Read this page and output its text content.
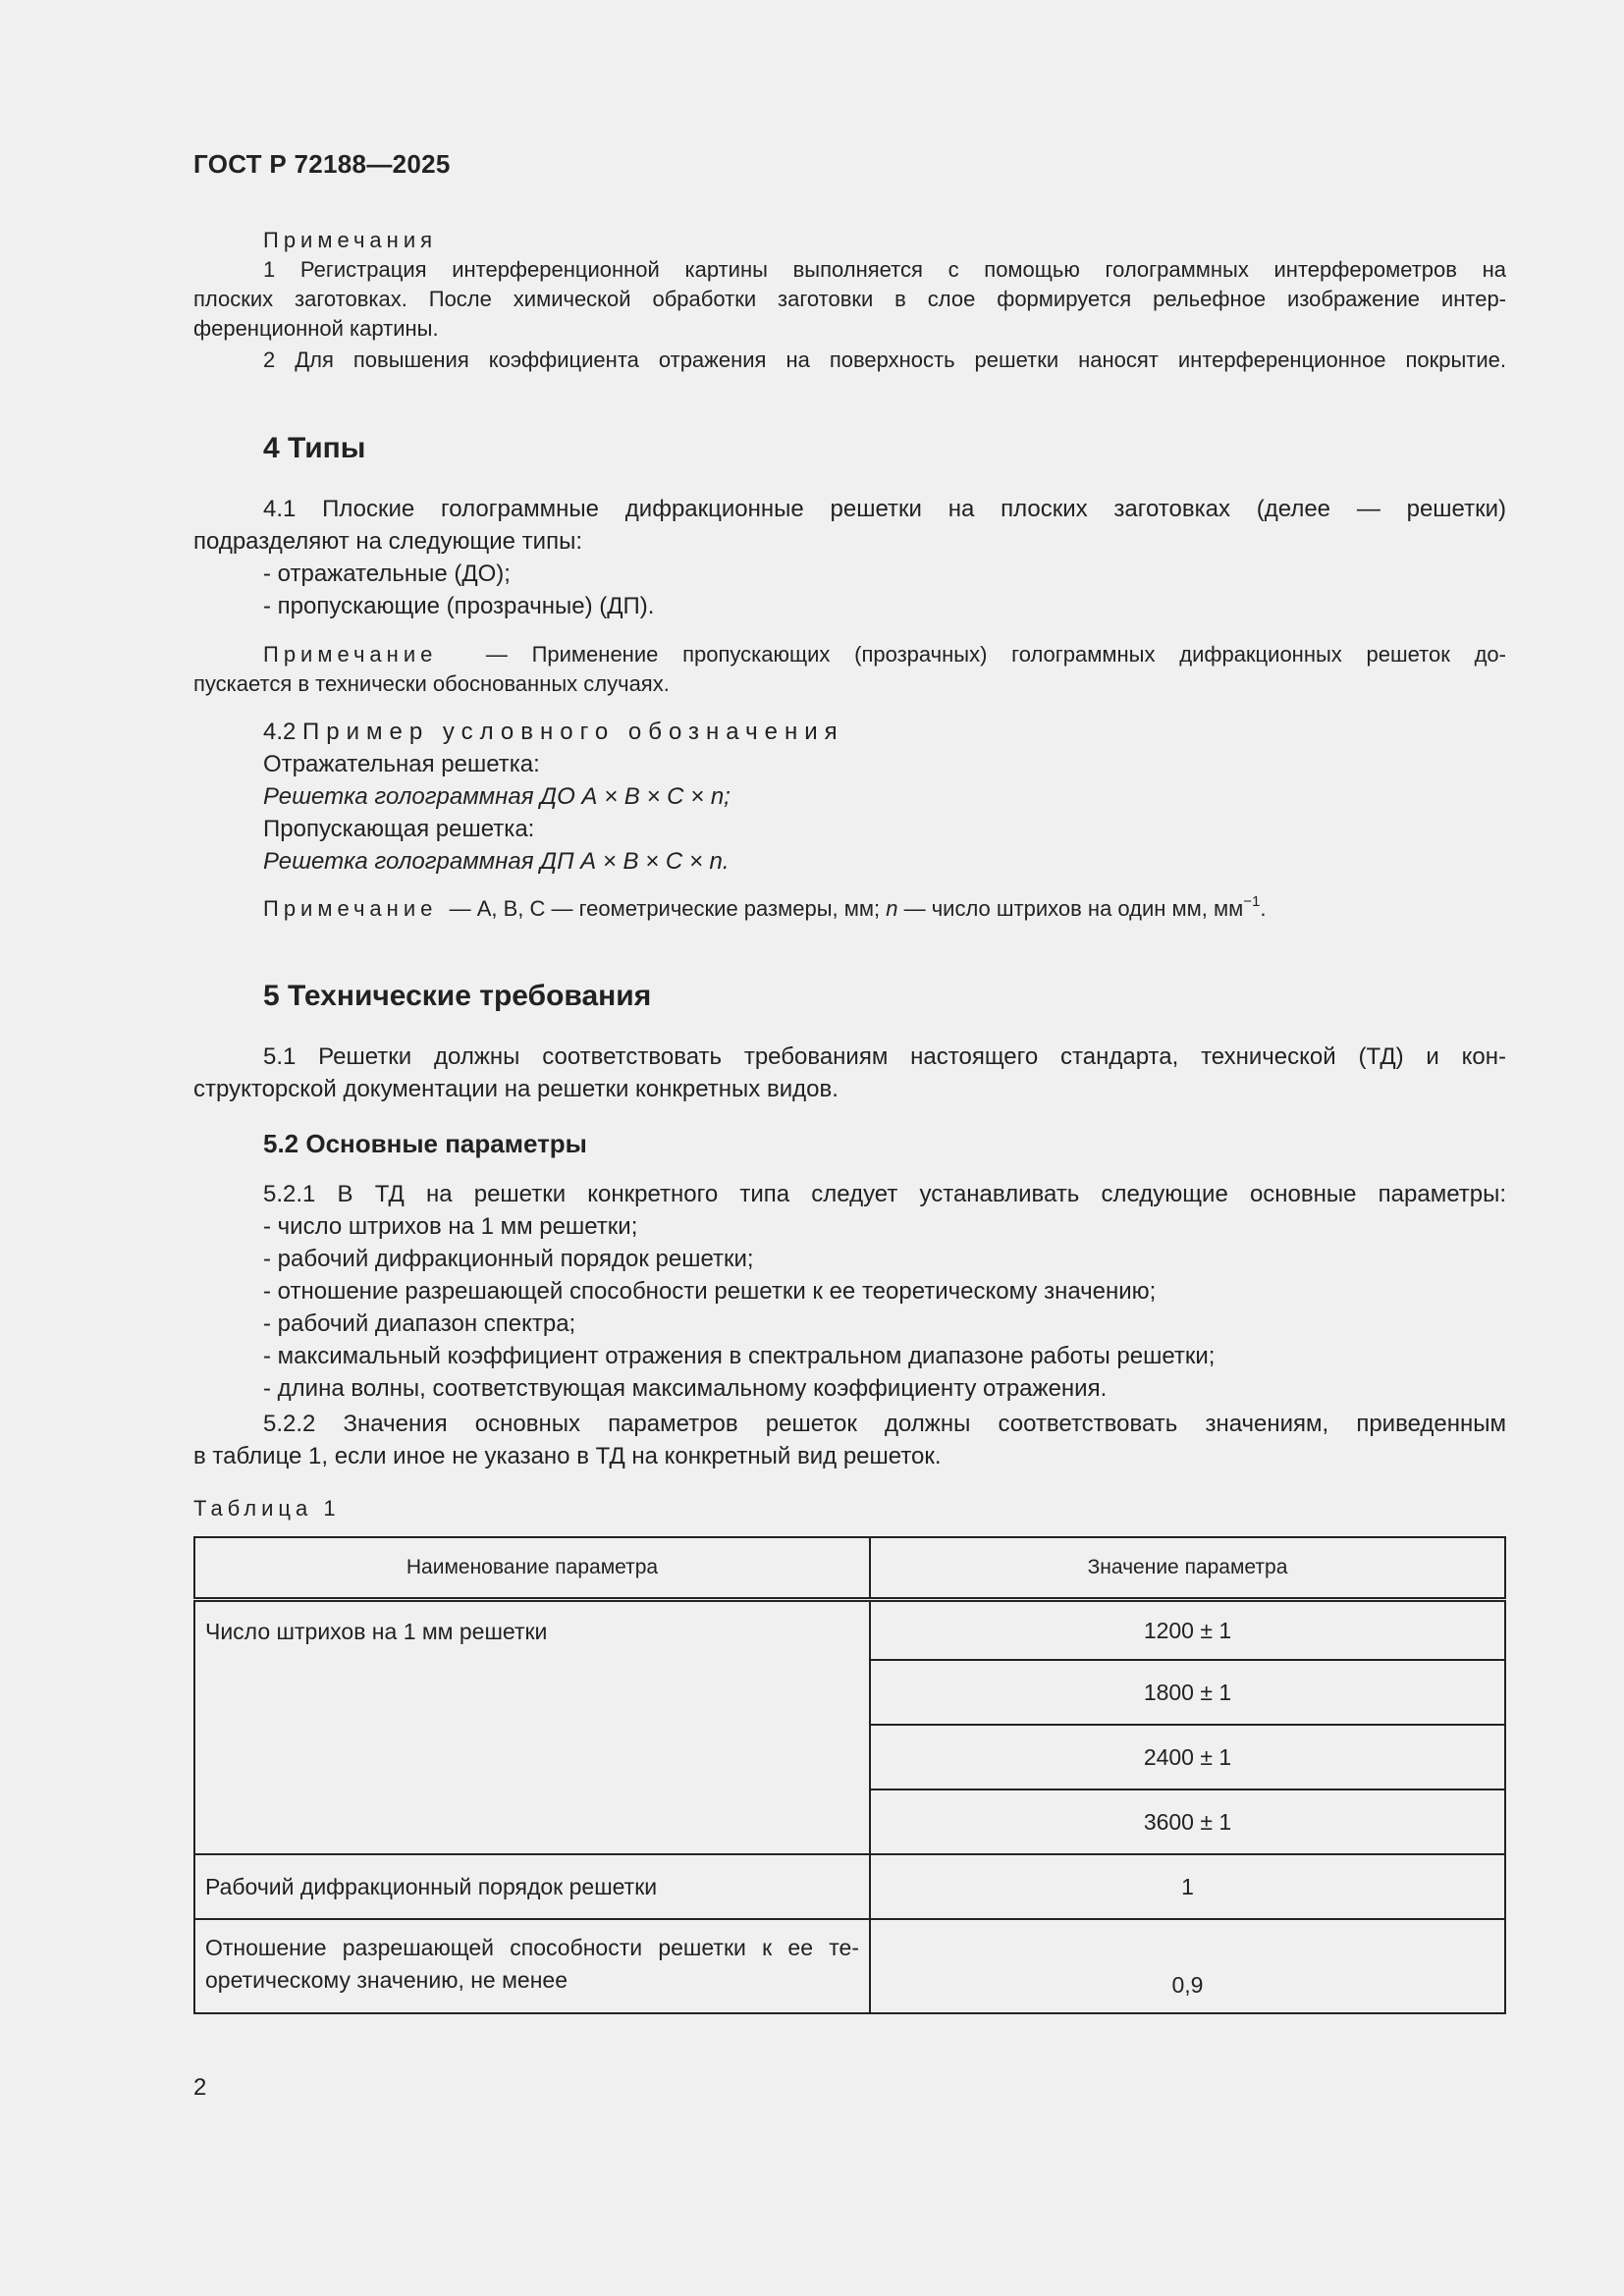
ГОСТ Р 72188—2025
Примечания
1 Регистрация интерференционной картины выполняется с помощью голограммных интерферометров на
плоских заготовках. После химической обработки заготовки в слое формируется рельефное изображение интер-
ференционной картины.
2 Для повышения коэффициента отражения на поверхность решетки наносят интерференционное покрытие.
4 Типы
4.1 Плоские голограммные дифракционные решетки на плоских заготовках (делее — решетки)
подразделяют на следующие типы:
- отражательные (ДО);
- пропускающие (прозрачные) (ДП).
Примечание — Применение пропускающих (прозрачных) голограммных дифракционных решеток до-
пускается в технически обоснованных случаях.
4.2 Пример условного обозначения
Отражательная решетка:
Решетка голограммная ДО А × В × С × n;
Пропускающая решетка:
Решетка голограммная ДП А × В × С × n.
Примечание — А, В, С — геометрические размеры, мм; n — число штрихов на один мм, $мм^{-1}$.
5 Технические требования
5.1 Решетки должны соответствовать требованиям настоящего стандарта, технической (ТД) и кон-
структорской документации на решетки конкретных видов.
5.2 Основные параметры
5.2.1 В ТД на решетки конкретного типа следует устанавливать следующие основные параметры:
- число штрихов на 1 мм решетки;
- рабочий дифракционный порядок решетки;
- отношение разрешающей способности решетки к ее теоретическому значению;
- рабочий диапазон спектра;
- максимальный коэффициент отражения в спектральном диапазоне работы решетки;
- длина волны, соответствующая максимальному коэффициенту отражения.
5.2.2 Значения основных параметров решеток должны соответствовать значениям, приведенным
в таблице 1, если иное не указано в ТД на конкретный вид решеток.
Таблица 1
Наименование параметра	Значение параметра
Число штрихов на 1 мм решетки	1200 ± 1
	1800 ± 1
	2400 ± 1
	3600 ± 1
Рабочий дифракционный порядок решетки	1

Отношение разрешающей способности решетки к ее те-
оретическому значению, не менее	0,9
2
